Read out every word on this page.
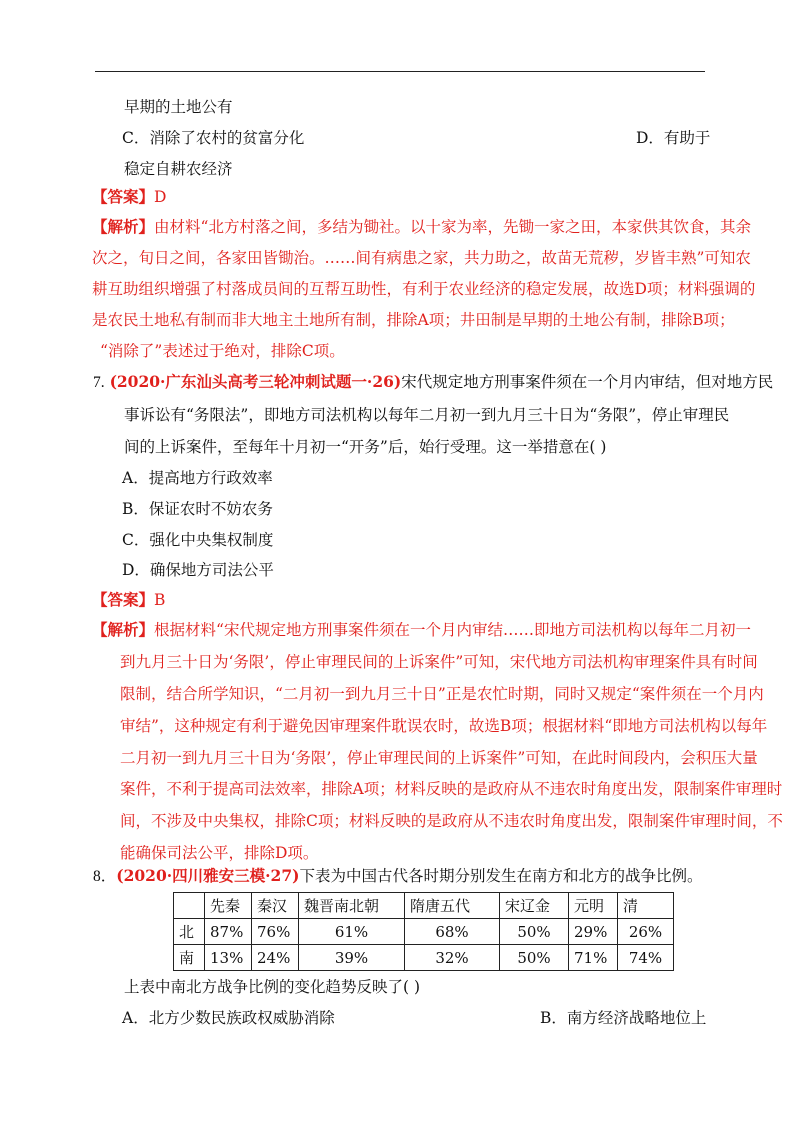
早期的土地公有
C．消除了农村的贫富分化	D．有助于
稳定自耕农经济
【答案】D
【解析】由材料“北方村落之间，多结为锄社。以十家为率，先锄一家之田，本家供其饮食，其余
次之，旬日之间，各家田皆锄治。……间有病患之家，共力助之，故苗无荒秽，岁皆丰熟”可知农
耕互助组织增强了村落成员间的互帮互助性，有利于农业经济的稳定发展，故选D项；材料强调的
是农民土地私有制而非大地主土地所有制，排除A项；井田制是早期的土地公有制，排除B项；
“消除了”表述过于绝对，排除C项。
7. (2020·广东汕头高考三轮冲刺试题一·26)宋代规定地方刑事案件须在一个月内审结，但对地方民
事诉讼有“务限法”，即地方司法机构以每年二月初一到九月三十日为“务限”，停止审理民
间的上诉案件，至每年十月初一“开务”后，始行受理。这一举措意在( )
A．提高地方行政效率
B．保证农时不妨农务
C．强化中央集权制度
D．确保地方司法公平
【答案】B
【解析】根据材料“宋代规定地方刑事案件须在一个月内审结……即地方司法机构以每年二月初一
到九月三十日为‘务限’，停止审理民间的上诉案件”可知，宋代地方司法机构审理案件具有时间
限制，结合所学知识，“二月初一到九月三十日”正是农忙时期，同时又规定“案件须在一个月内
审结”，这种规定有利于避免因审理案件耽误农时，故选B项；根据材料“即地方司法机构以每年
二月初一到九月三十日为‘务限’，停止审理民间的上诉案件”可知，在此时间段内，会积压大量
案件，不利于提高司法效率，排除A项；材料反映的是政府从不违农时角度出发，限制案件审理时
间，不涉及中央集权，排除C项；材料反映的是政府从不违农时角度出发，限制案件审理时间，不
能确保司法公平，排除D项。
8．(2020·四川雅安三模·27)下表为中国古代各时期分别发生在南方和北方的战争比例。
	先秦	秦汉	魏晋南北朝	隋唐五代	宋辽金	元明	清
北	87%	76%	61%	68%	50%	29%	26%
南	13%	24%	39%	32%	50%	71%	74%
上表中南北方战争比例的变化趋势反映了( )
A．北方少数民族政权威胁消除	B．南方经济战略地位上
